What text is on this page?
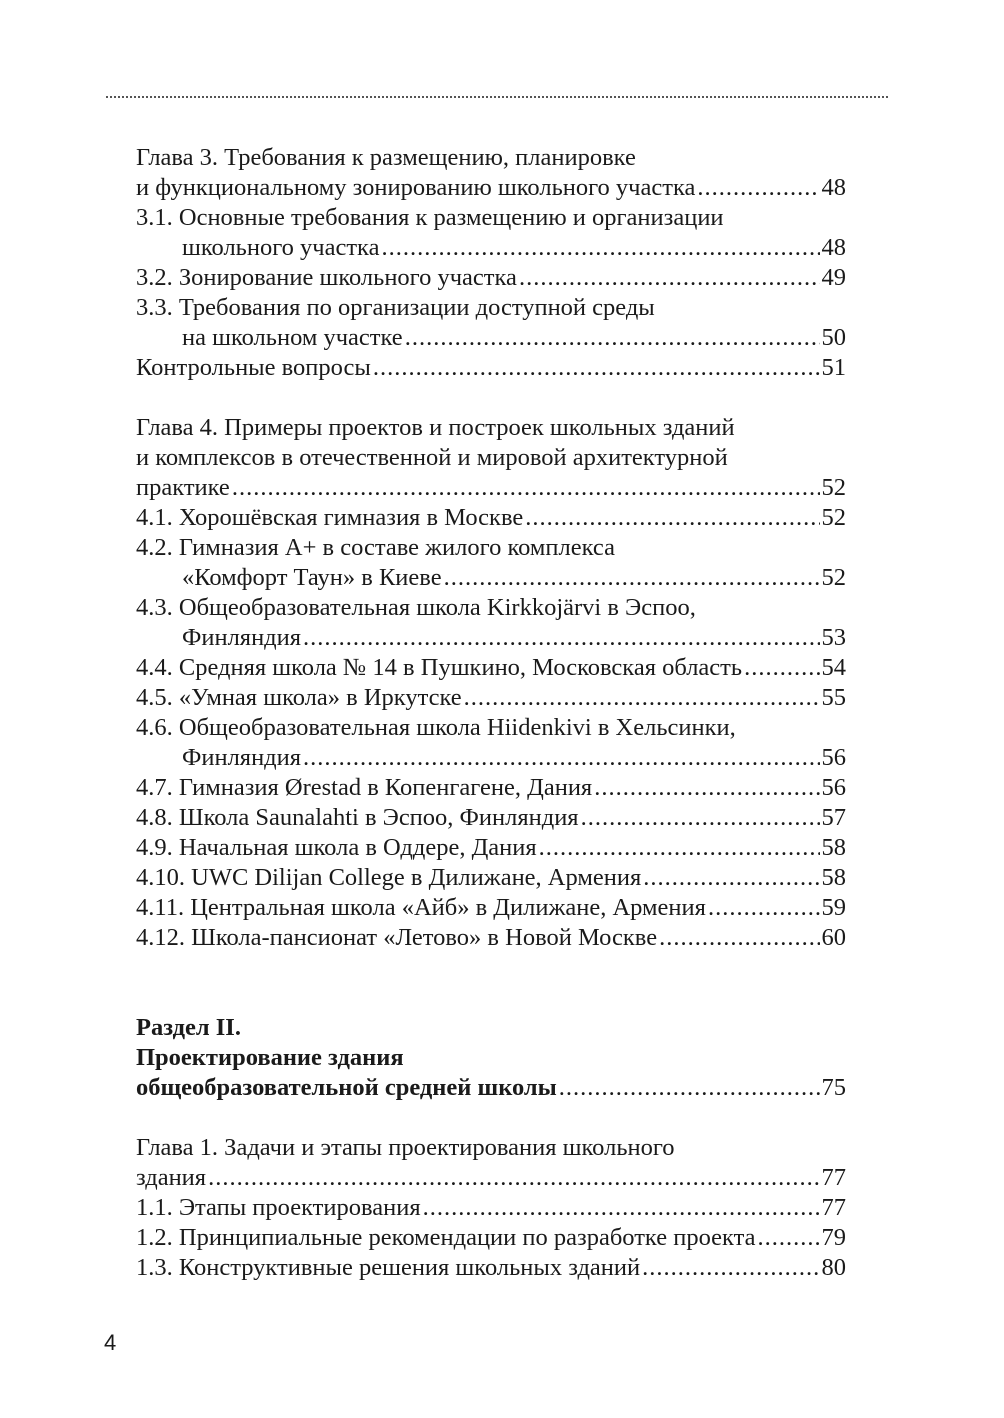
Глава 3. Требования к размещению, планировке
и функциональному зонированию школьного участка .....	48
3.1. Основные требования к размещению и организации
школьного участка .....	48
3.2. Зонирование школьного участка .....	49
3.3. Требования по организации доступной среды
на школьном участке .....	50
Контрольные вопросы .....	51
Глава 4. Примеры проектов и построек школьных зданий
и комплексов в отечественной и мировой архитектурной
практике .....	52
4.1. Хорошёвская гимназия в Москве .....	52
4.2. Гимназия A+ в составе жилого комплекса
«Комфорт Таун» в Киеве .....	52
4.3. Общеобразовательная школа Kirkkojärvi в Эспоо,
Финляндия .....	53
4.4. Средняя школа № 14 в Пушкино, Московская область .....	54
4.5. «Умная школа» в Иркутске .....	55
4.6. Общеобразовательная школа Hiidenkivi в Хельсинки,
Финляндия .....	56
4.7. Гимназия Ørestad в Копенгагене, Дания .....	56
4.8. Школа Saunalahti в Эспоо, Финляндия .....	57
4.9. Начальная школа в Оддере, Дания .....	58
4.10. UWC Dilijan College в Дилижане, Армения .....	58
4.11. Центральная школа «Айб» в Дилижане, Армения .....	59
4.12. Школа-пансионат «Летово» в Новой Москве .....	60
Раздел II.
Проектирование здания
общеобразовательной средней школы .....	75
Глава 1. Задачи и этапы проектирования школьного
здания .....	77
1.1. Этапы проектирования .....	77
1.2. Принципиальные рекомендации по разработке проекта .....	79
1.3. Конструктивные решения школьных зданий .....	80
4
